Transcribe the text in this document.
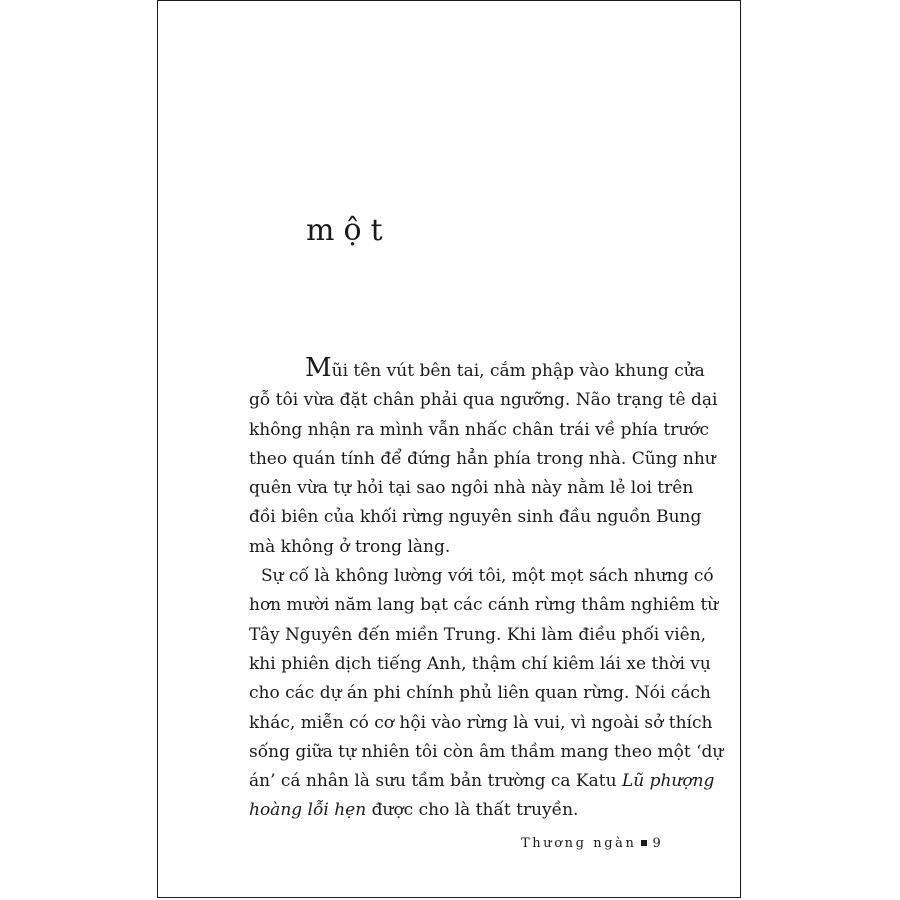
một

Mũi tên vút bên tai, cắm phập vào khung cửa
gỗ tôi vừa đặt chân phải qua ngưỡng. Não trạng tê dại
không nhận ra mình vẫn nhấc chân trái về phía trước
theo quán tính để đứng hẳn phía trong nhà. Cũng như
quên vừa tự hỏi tại sao ngôi nhà này nằm lẻ loi trên
đồi biên của khối rừng nguyên sinh đầu nguồn Bung
mà không ở trong làng.

Sự cố là không lường với tôi, một mọt sách nhưng có
hơn mười năm lang bạt các cánh rừng thâm nghiêm từ
Tây Nguyên đến miền Trung. Khi làm điều phối viên,
khi phiên dịch tiếng Anh, thậm chí kiêm lái xe thời vụ
cho các dự án phi chính phủ liên quan rừng. Nói cách
khác, miễn có cơ hội vào rừng là vui, vì ngoài sở thích
sống giữa tự nhiên tôi còn âm thầm mang theo một ‘dự
án’ cá nhân là sưu tầm bản trường ca Katu Lũ phượng
hoàng lỗi hẹn được cho là thất truyền.

Thương ngàn 9
